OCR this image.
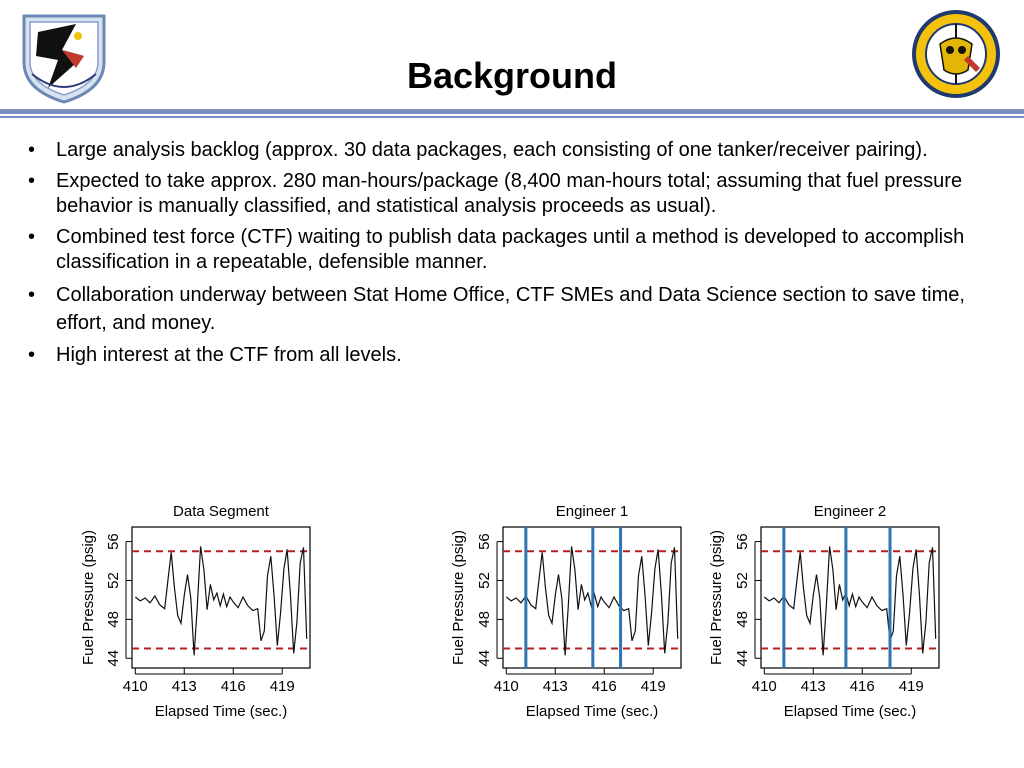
Background
• Large analysis backlog (approx. 30 data packages, each consisting of one tanker/receiver pairing).
• Expected to take approx. 280 man-hours/package (8,400 man-hours total; assuming that fuel pressure behavior is manually classified, and statistical analysis proceeds as usual).
• Combined test force (CTF) waiting to publish data packages until a method is developed to accomplish classification in a repeatable, defensible manner.
• Collaboration underway between Stat Home Office, CTF SMEs and Data Science section to save time, effort, and money.
• High interest at the CTF from all levels.
Data Segment
410 413 416 419
44
48
52
56
Elapsed Time (sec.)
Fuel Pressure (psig)
Engineer 1
410 413 416 419
44
48
52
56
Elapsed Time (sec.)
Fuel Pressure (psig)
Engineer 2
410 413 416 419
44
48
52
56
Elapsed Time (sec.)
Fuel Pressure (psig)
